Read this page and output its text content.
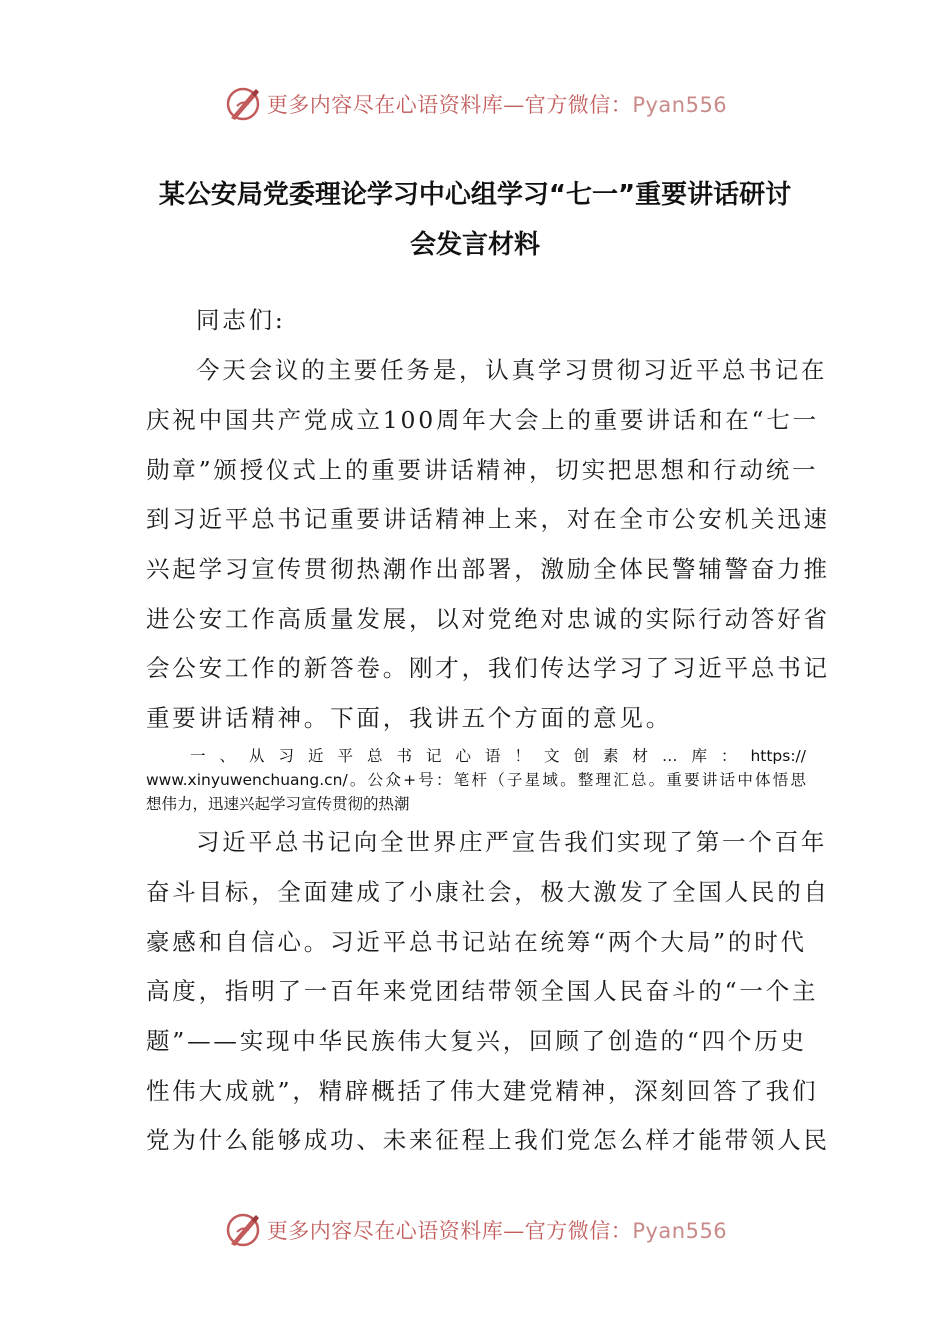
更多内容尽在心语资料库—官方微信：Pyan556
某公安局党委理论学习中心组学习“七一”重要讲话研讨
会发言材料
同志们:
今天会议的主要任务是，认真学习贯彻习近平总书记在
庆祝中国共产党成立100周年大会上的重要讲话和在“七一
勋章”颁授仪式上的重要讲话精神，切实把思想和行动统一
到习近平总书记重要讲话精神上来，对在全市公安机关迅速
兴起学习宣传贯彻热潮作出部署，激励全体民警辅警奋力推
进公安工作高质量发展，以对党绝对忠诚的实际行动答好省
会公安工作的新答卷。刚才，我们传达学习了习近平总书记
重要讲话精神。下面，我讲五个方面的意见。
一、从习近平总书记心语！文创素材…库：https://
www.xinyuwenchuang.cn/。公众+号：笔杆（子星域。整理汇总。重要讲话中体悟思
想伟力，迅速兴起学习宣传贯彻的热潮
习近平总书记向全世界庄严宣告我们实现了第一个百年
奋斗目标，全面建成了小康社会，极大激发了全国人民的自
豪感和自信心。习近平总书记站在统筹“两个大局”的时代
高度，指明了一百年来党团结带领全国人民奋斗的“一个主
题”——实现中华民族伟大复兴，回顾了创造的“四个历史
性伟大成就”，精辟概括了伟大建党精神，深刻回答了我们
党为什么能够成功、未来征程上我们党怎么样才能带领人民
更多内容尽在心语资料库—官方微信：Pyan556
